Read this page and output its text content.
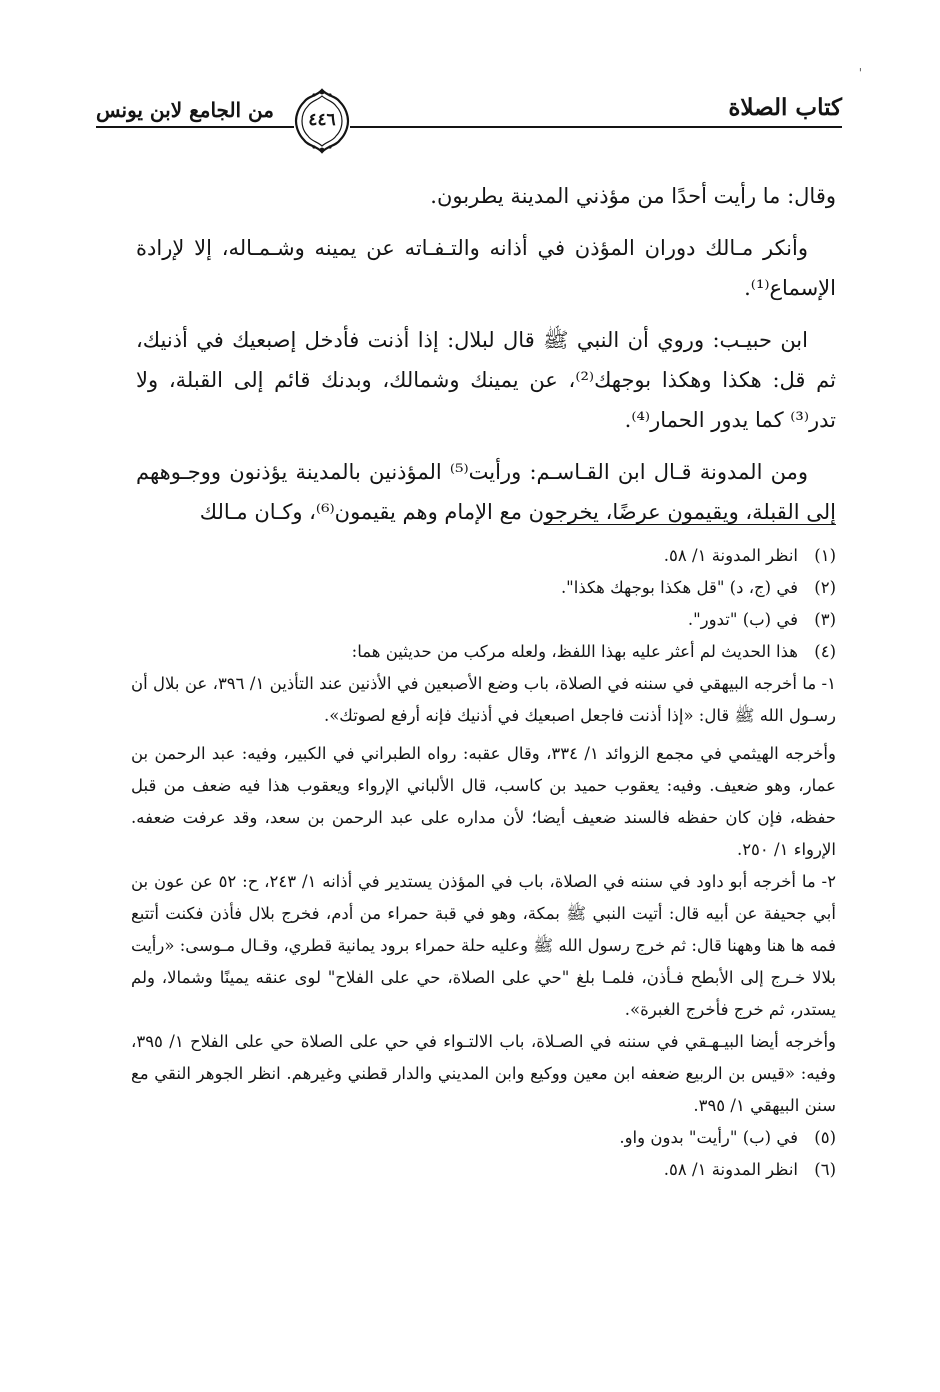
كتاب الصلاة
من الجامع لابن يونس	٤٤٦

وقال: ما رأيت أحدًا من مؤذني المدينة يطربون.

وأنكر مـالك دوران المؤذن في أذانه والتـفـاته عن يمينه وشـمـاله، إلا لإرادة الإسماع⁽¹⁾.

ابن حبيـب: وروي أن النبي ﷺ قال لبلال: إذا أذنت فأدخل إصبعيك في أذنيك، ثم قل: هكذا وهكذا بوجهك⁽²⁾، عن يمينك وشمالك، وبدنك قائم إلى القبلة، ولا تدر⁽³⁾ كما يدور الحمار⁽⁴⁾.

ومن المدونة قـال ابن القـاسـم: ورأيت⁽⁵⁾ المؤذنين بالمدينة يؤذنون ووجـوههم إلى القبلة، ويقيمون عرضًا، يخرجون مع الإمام وهم يقيمون⁽⁶⁾، وكـان مـالك

(١)
انظر المدونة ١/ ٥٨.
(٢)
في (ج، د) "قل هكذا بوجهك هكذا".
(٣)
في (ب) "تدور".
(٤)
هذا الحديث لم أعثر عليه بهذا اللفظ، ولعله مركب من حديثين هما:

١- ما أخرجه البيهقي في سننه في الصلاة، باب وضع الأصبعين في الأذنين عند التأذين ١/ ٣٩٦، عن بلال أن رسـول الله ﷺ قال: «إذا أذنت فاجعل اصبعيك في أذنيك فإنه أرفع لصوتك».

وأخرجه الهيثمي في مجمع الزوائد ١/ ٣٣٤، وقال عقبه: رواه الطبراني في الكبير، وفيه: عبد الرحمن بن عمار، وهو ضعيف. وفيه: يعقوب حميد بن كاسب، قال الألباني الإرواء ويعقوب هذا فيه ضعف من قبل حفظه، فإن كان حفظه فالسند ضعيف أيضا؛ لأن مداره على عبد الرحمن بن سعد، وقد عرفت ضعفه. الإرواء ١/ ٢٥٠.

٢- ما أخرجه أبو داود في سننه في الصلاة، باب في المؤذن يستدير في أذانه ١/ ٢٤٣، ح: ٥٢ عن عون بن أبي جحيفة عن أبيه قال: أتيت النبي ﷺ بمكة، وهو في قبة حمراء من أدم، فخرج بلال فأذن فكنت أتتبع فمه ها هنا وههنا قال: ثم خرج رسول الله ﷺ وعليه حلة حمراء برود يمانية قطري، وقـال مـوسى: «رأيت بلالا خـرج إلى الأبطح فـأذن، فلمـا بلغ "حي على الصلاة، حي على الفلاح" لوى عنقه يمينًا وشمالا، ولم يستدر، ثم خرج فأخرج الغبرة».

وأخرجه أيضا البيـهـقي في سننه في الصـلاة، باب الالتـواء في حي على الصلاة حي على الفلاح ١/ ٣٩٥، وفيه: «قيس بن الربيع ضعفه ابن معين ووكيع وابن المديني والدار قطني وغيرهم. انظر الجوهر النقي مع سنن البيهقي ١/ ٣٩٥.

(٥)
في (ب) "رأيت" بدون واو.
(٦)
انظر المدونة ١/ ٥٨.
'
